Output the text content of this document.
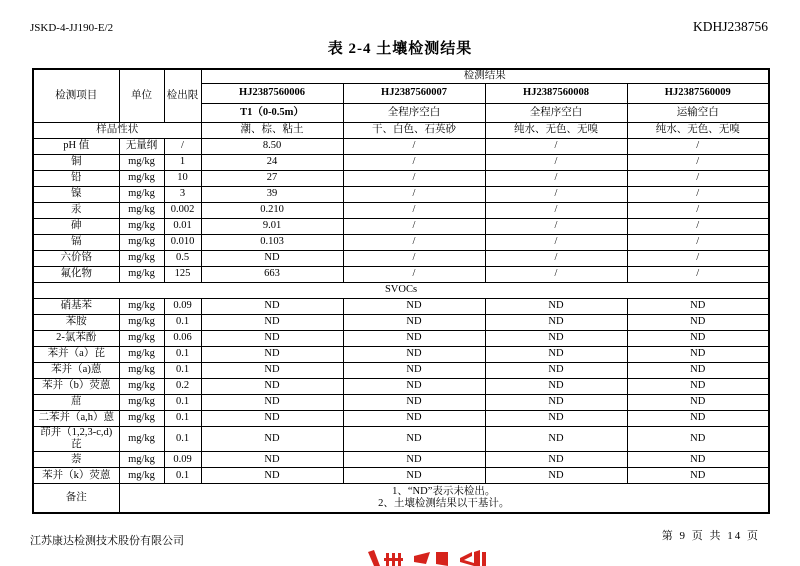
JSKD-4-JJ190-E/2	KDHJ238756
表 2-4 土壤检测结果
检测项目	单位	检出限	检测结果			
			HJ2387560006	HJ2387560007	HJ2387560008	HJ2387560009
			T1（0-0.5m）	全程序空白	全程序空白	运输空白
样品性状			潮、棕、粘土	干、白色、石英砂	纯水、无色、无嗅	纯水、无色、无嗅
pH 值	无量纲	/	8.50	/	/	/
铜	mg/kg	1	24	/	/	/
铅	mg/kg	10	27	/	/	/
镍	mg/kg	3	39	/	/	/
汞	mg/kg	0.002	0.210	/	/	/
砷	mg/kg	0.01	9.01	/	/	/
镉	mg/kg	0.010	0.103	/	/	/
六价铬	mg/kg	0.5	ND	/	/	/
氟化物	mg/kg	125	663	/	/	/
SVOCs						
硝基苯	mg/kg	0.09	ND	ND	ND	ND
苯胺	mg/kg	0.1	ND	ND	ND	ND
2-氯苯酚	mg/kg	0.06	ND	ND	ND	ND
苯并（a）芘	mg/kg	0.1	ND	ND	ND	ND
苯并（a)蒽	mg/kg	0.1	ND	ND	ND	ND
苯并（b）荧蒽	mg/kg	0.2	ND	ND	ND	ND
䓛	mg/kg	0.1	ND	ND	ND	ND
二苯并（a,h）蒽	mg/kg	0.1	ND	ND	ND	ND
茚并（1,2,3-c,d)芘	mg/kg	0.1	ND	ND	ND	ND
萘	mg/kg	0.09	ND	ND	ND	ND
苯并（k）荧蒽	mg/kg	0.1	ND	ND	ND	ND
备注	1、“ND”表示未检出。
2、土壤检测结果以干基计。					
江苏康达检测技术股份有限公司	第 9 页 共 14 页
